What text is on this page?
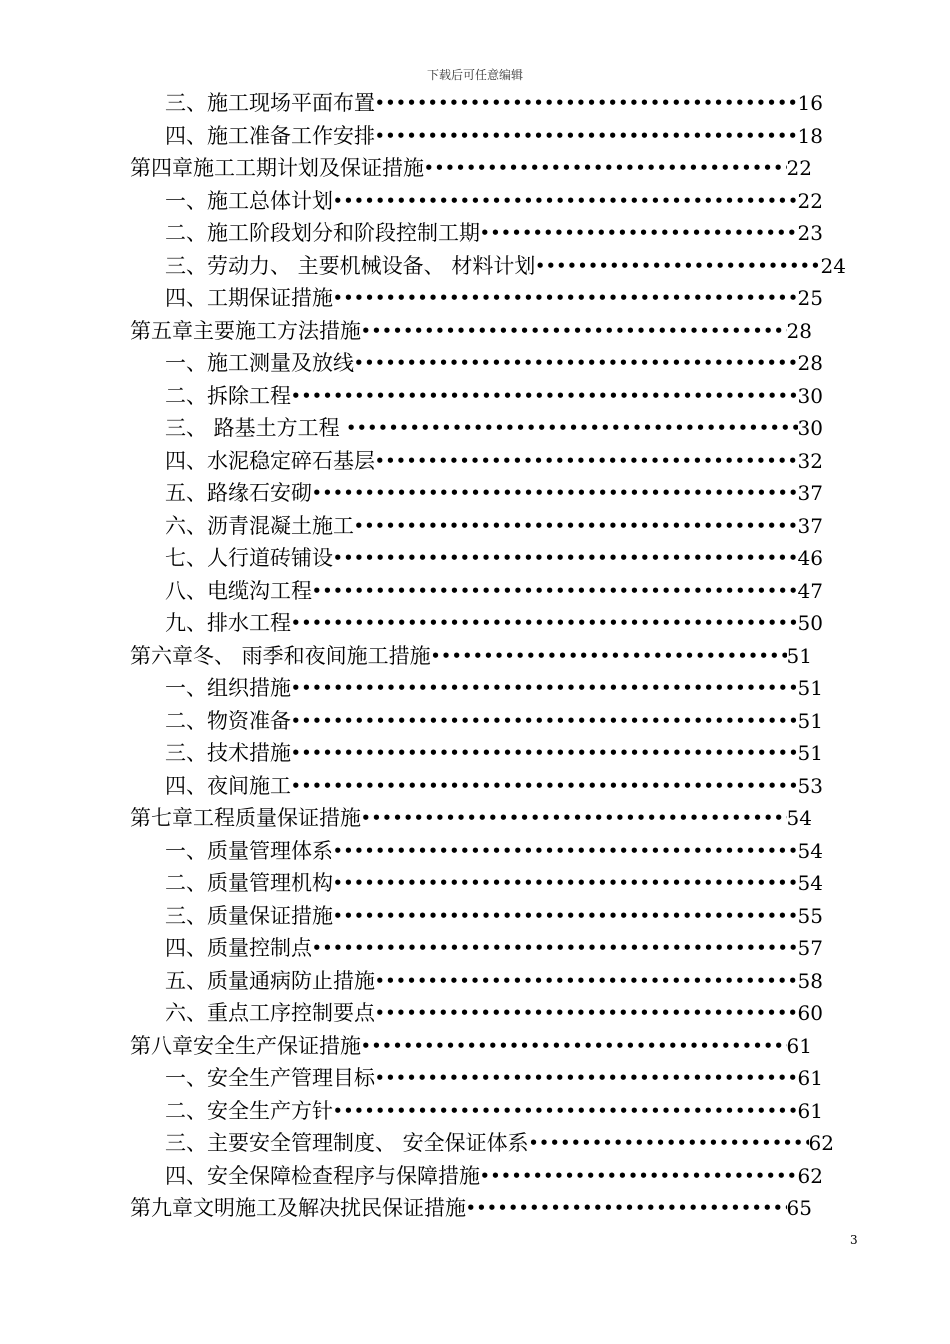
下载后可任意编辑
三、 施工现场平面布置 •••••	16
四、 施工准备工作安排 •••••	18
第四章 施工工期计划及保证措施 •••••	22
一、 施工总体计划 •••••	22
二、 施工阶段划分和阶段控制工期 •••••	23
三、 劳动力、 主要机械设备、 材料计划 •••••	24
四、 工期保证措施 •••••	25
第五章 主要施工方法措施 •••••	28
一、 施工测量及放线 •••••	28
二、 拆除工程 •••••	30
三、 路基土方工程 •••••	30
四、 水泥稳定碎石基层 •••••	32
五、 路缘石安砌 •••••	37
六、 沥青混凝土施工 •••••	37
七、 人行道砖铺设 •••••	46
八、 电缆沟工程 •••••	47
九、 排水工程 •••••	50
第六章 冬、 雨季和夜间施工措施 •••••	51
一、 组织措施 •••••	51
二、 物资准备 •••••	51
三、 技术措施 •••••	51
四、 夜间施工 •••••	53
第七章 工程质量保证措施 •••••	54
一、 质量管理体系 •••••	54
二、 质量管理机构 •••••	54
三、 质量保证措施 •••••	55
四、 质量控制点 •••••	57
五、 质量通病防止措施 •••••	58
六、 重点工序控制要点 •••••	60
第八章 安全生产保证措施 •••••	61
一、 安全生产管理目标 •••••	61
二、 安全生产方针 •••••	61
三、 主要安全管理制度、 安全保证体系 •••••	62
四、 安全保障检查程序与保障措施 •••••	62
第九章 文明施工及解决扰民保证措施 •••••	65
3
